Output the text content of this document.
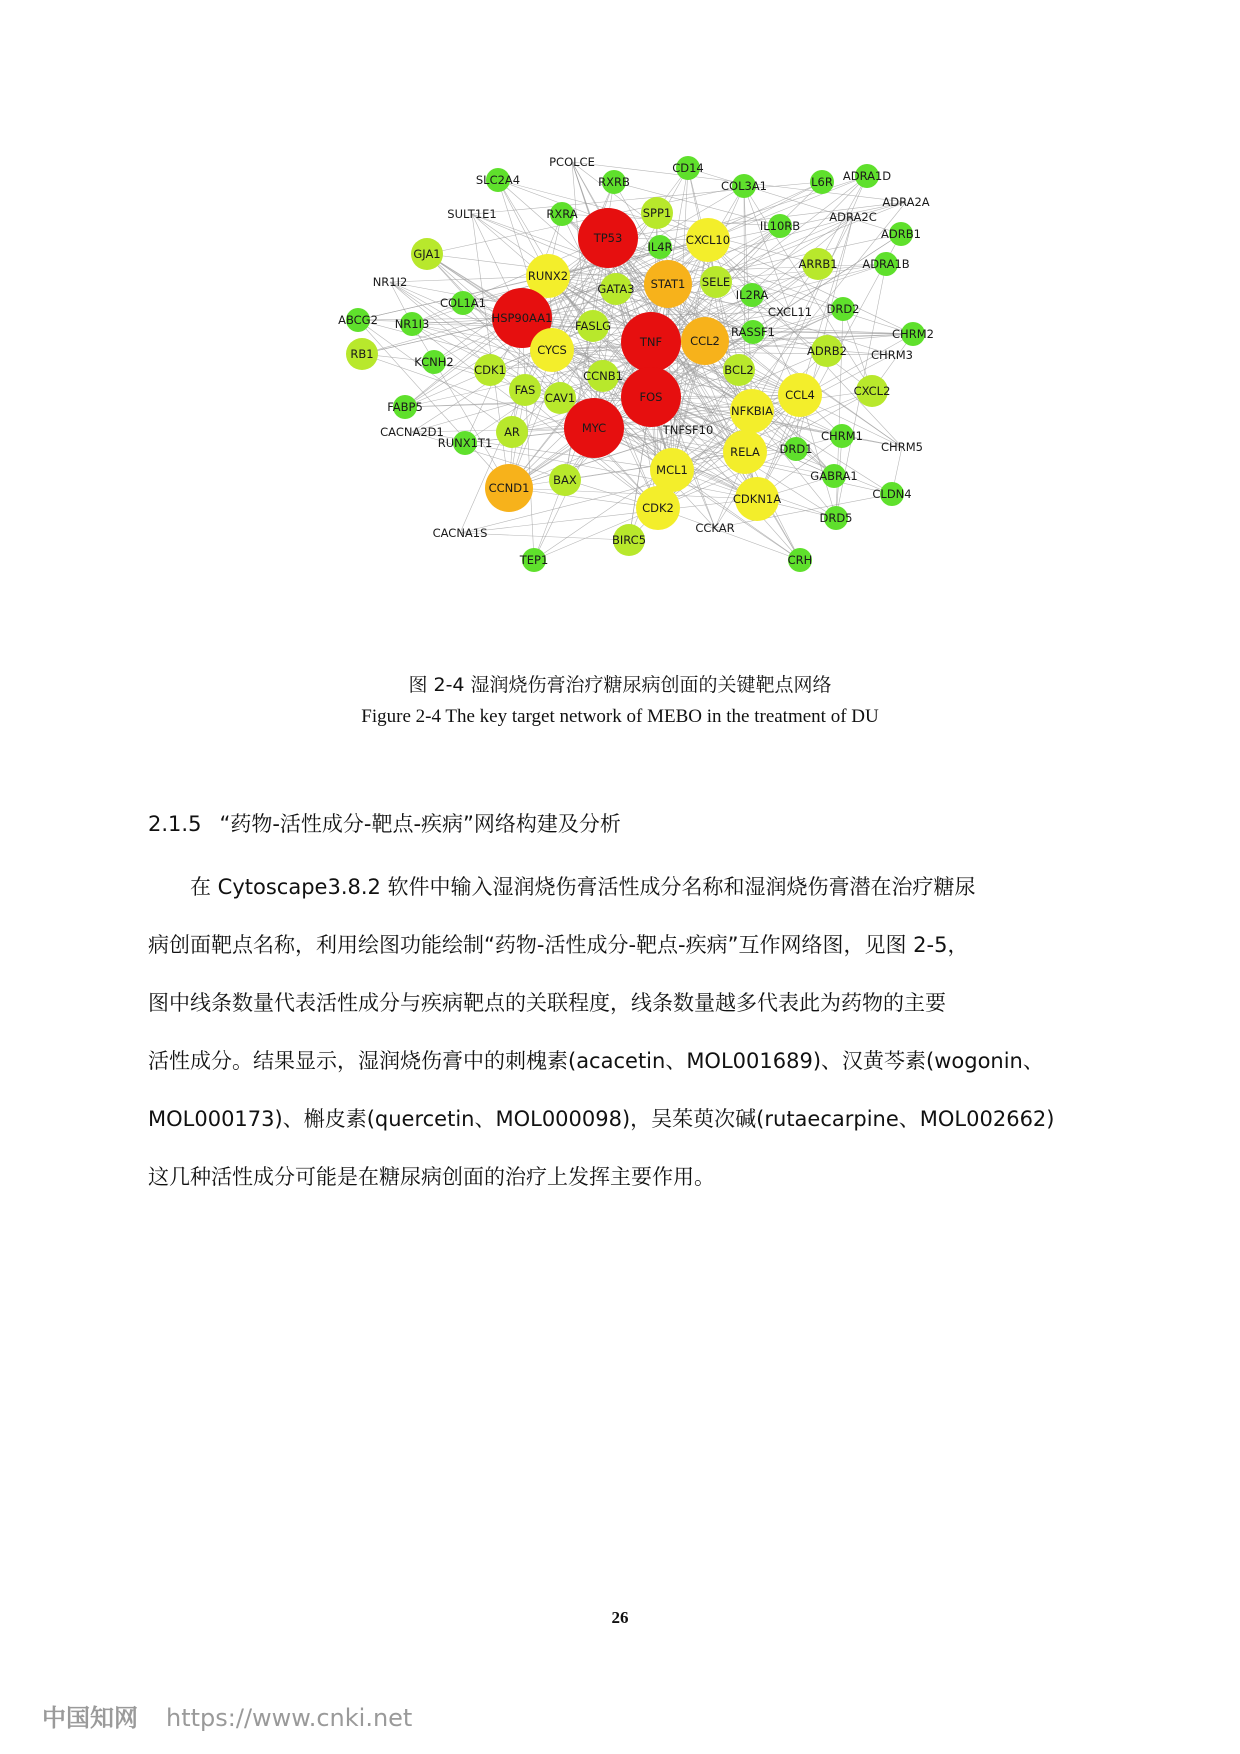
PCOLCE	CD14
SLC2A4	RXRB	COL3A1	L6R ADRA1D
ADRA2A
SULT1E1	RXRA
TP53
SPP1
IL10RB
ADRA2C
ADRB1
CXCL10
GJA1	IL4R
ARRB1 ADRA1B
NR1I2	RUNX2
GATA3 STAT1 SELE
IL2RA
COL1A1	DRD2
ABCG2 NR1I3	HSP90AA1
FASLG
TNF CCL2
CXCL11
RASSF1	CHRM2
RB1
KCNH2
CYCS	ADRB2 CHRM3
CDK1	CCNB1	BCL2
FAS
CAV1	FOS	CCL4	CXCL2
FABP5	NFKBIA
CACNA2D1	AR	MYC	TNFSF10
RUNX1T1	CHRM1
RELA DRD1	CHRM5
MCL1	GABRA1
CCND1
BAX
CLDN4
CDKN1A
CDK2
DRD5
CACNA1S	CCKAR
BIRC5
TEP1	CRH
图 2-4 湿润烧伤膏治疗糖尿病创面的关键靶点网络
Figure 2-4 The key target network of MEBO in the treatment of DU
2.1.5 “药物-活性成分-靶点-疾病”网络构建及分析

在 Cytoscape3.8.2 软件中输入湿润烧伤膏活性成分名称和湿润烧伤膏潜在治疗糖尿

病创面靶点名称，利用绘图功能绘制“药物-活性成分-靶点-疾病”互作网络图，见图 2-5，

图中线条数量代表活性成分与疾病靶点的关联程度，线条数量越多代表此为药物的主要

活性成分。结果显示，湿润烧伤膏中的刺槐素(acacetin、MOL001689)、汉黄芩素(wogonin、

MOL000173)、槲皮素(quercetin、MOL000098)，吴茱萸次碱(rutaecarpine、MOL002662)

这几种活性成分可能是在糖尿病创面的治疗上发挥主要作用。

26
中国知网 https://www.cnki.net
